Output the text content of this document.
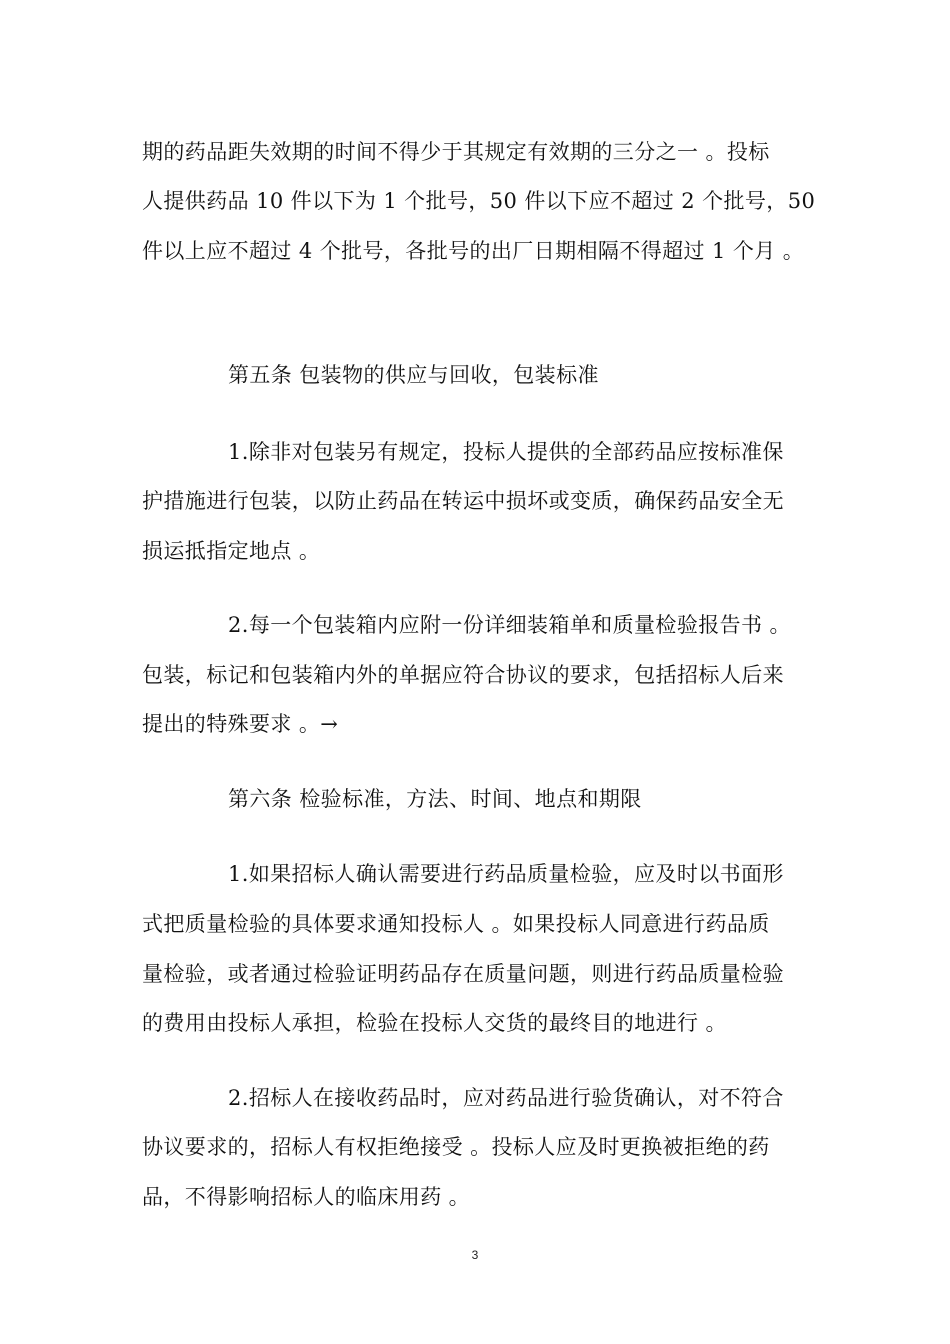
期的药品距失效期的时间不得少于其规定有效期的三分之一 。投标
人提供药品 10 件以下为 1 个批号，50 件以下应不超过 2 个批号，50
件以上应不超过 4 个批号，各批号的出厂日期相隔不得超过 1 个月 。
第五条 包装物的供应与回收，包装标准
1.除非对包装另有规定，投标人提供的全部药品应按标准保
护措施进行包装，以防止药品在转运中损坏或变质，确保药品安全无
损运抵指定地点 。
2.每一个包装箱内应附一份详细装箱单和质量检验报告书 。
包装，标记和包装箱内外的单据应符合协议的要求，包括招标人后来
提出的特殊要求 。→
第六条 检验标准，方法、时间、地点和期限
1.如果招标人确认需要进行药品质量检验，应及时以书面形
式把质量检验的具体要求通知投标人 。如果投标人同意进行药品质
量检验，或者通过检验证明药品存在质量问题，则进行药品质量检验
的费用由投标人承担，检验在投标人交货的最终目的地进行 。
2.招标人在接收药品时，应对药品进行验货确认，对不符合
协议要求的，招标人有权拒绝接受 。投标人应及时更换被拒绝的药
品，不得影响招标人的临床用药 。
3
